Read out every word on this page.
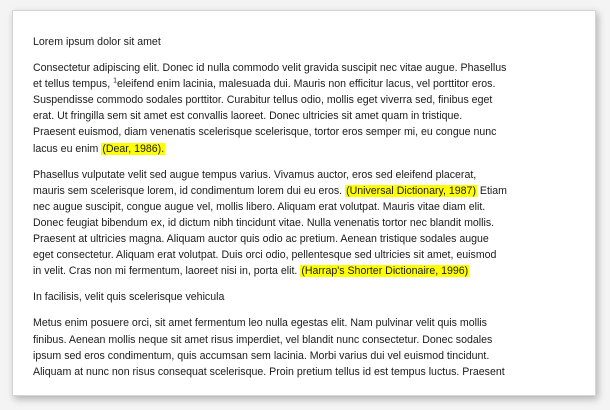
Lorem ipsum dolor sit amet
Consectetur adipiscing elit. Donec id nulla commodo velit gravida suscipit nec vitae augue. Phasellus
et tellus tempus, $^1$eleifend enim lacinia, malesuada dui. Mauris non efficitur lacus, vel porttitor eros.
Suspendisse commodo sodales porttitor. Curabitur tellus odio, mollis eget viverra sed, finibus eget
erat. Ut fringilla sem sit amet est convallis laoreet. Donec ultricies sit amet quam in tristique.
Praesent euismod, diam venenatis scelerisque scelerisque, tortor eros semper mi, eu congue nunc
lacus eu enim (Dear, 1986).
Phasellus vulputate velit sed augue tempus varius. Vivamus auctor, eros sed eleifend placerat,
mauris sem scelerisque lorem, id condimentum lorem dui eu eros. (Universal Dictionary, 1987) Etiam
nec augue suscipit, congue augue vel, mollis libero. Aliquam erat volutpat. Mauris vitae diam elit.
Donec feugiat bibendum ex, id dictum nibh tincidunt vitae. Nulla venenatis tortor nec blandit mollis.
Praesent at ultricies magna. Aliquam auctor quis odio ac pretium. Aenean tristique sodales augue
eget consectetur. Aliquam erat volutpat. Duis orci odio, pellentesque sed ultricies sit amet, euismod
in velit. Cras non mi fermentum, laoreet nisi in, porta elit. (Harrap's Shorter Dictionaire, 1996)
In facilisis, velit quis scelerisque vehicula
Metus enim posuere orci, sit amet fermentum leo nulla egestas elit. Nam pulvinar velit quis mollis
finibus. Aenean mollis neque sit amet risus imperdiet, vel blandit nunc consectetur. Donec sodales
ipsum sed eros condimentum, quis accumsan sem lacinia. Morbi varius dui vel euismod tincidunt.
Aliquam at nunc non risus consequat scelerisque. Proin pretium tellus id est tempus luctus. Praesent
